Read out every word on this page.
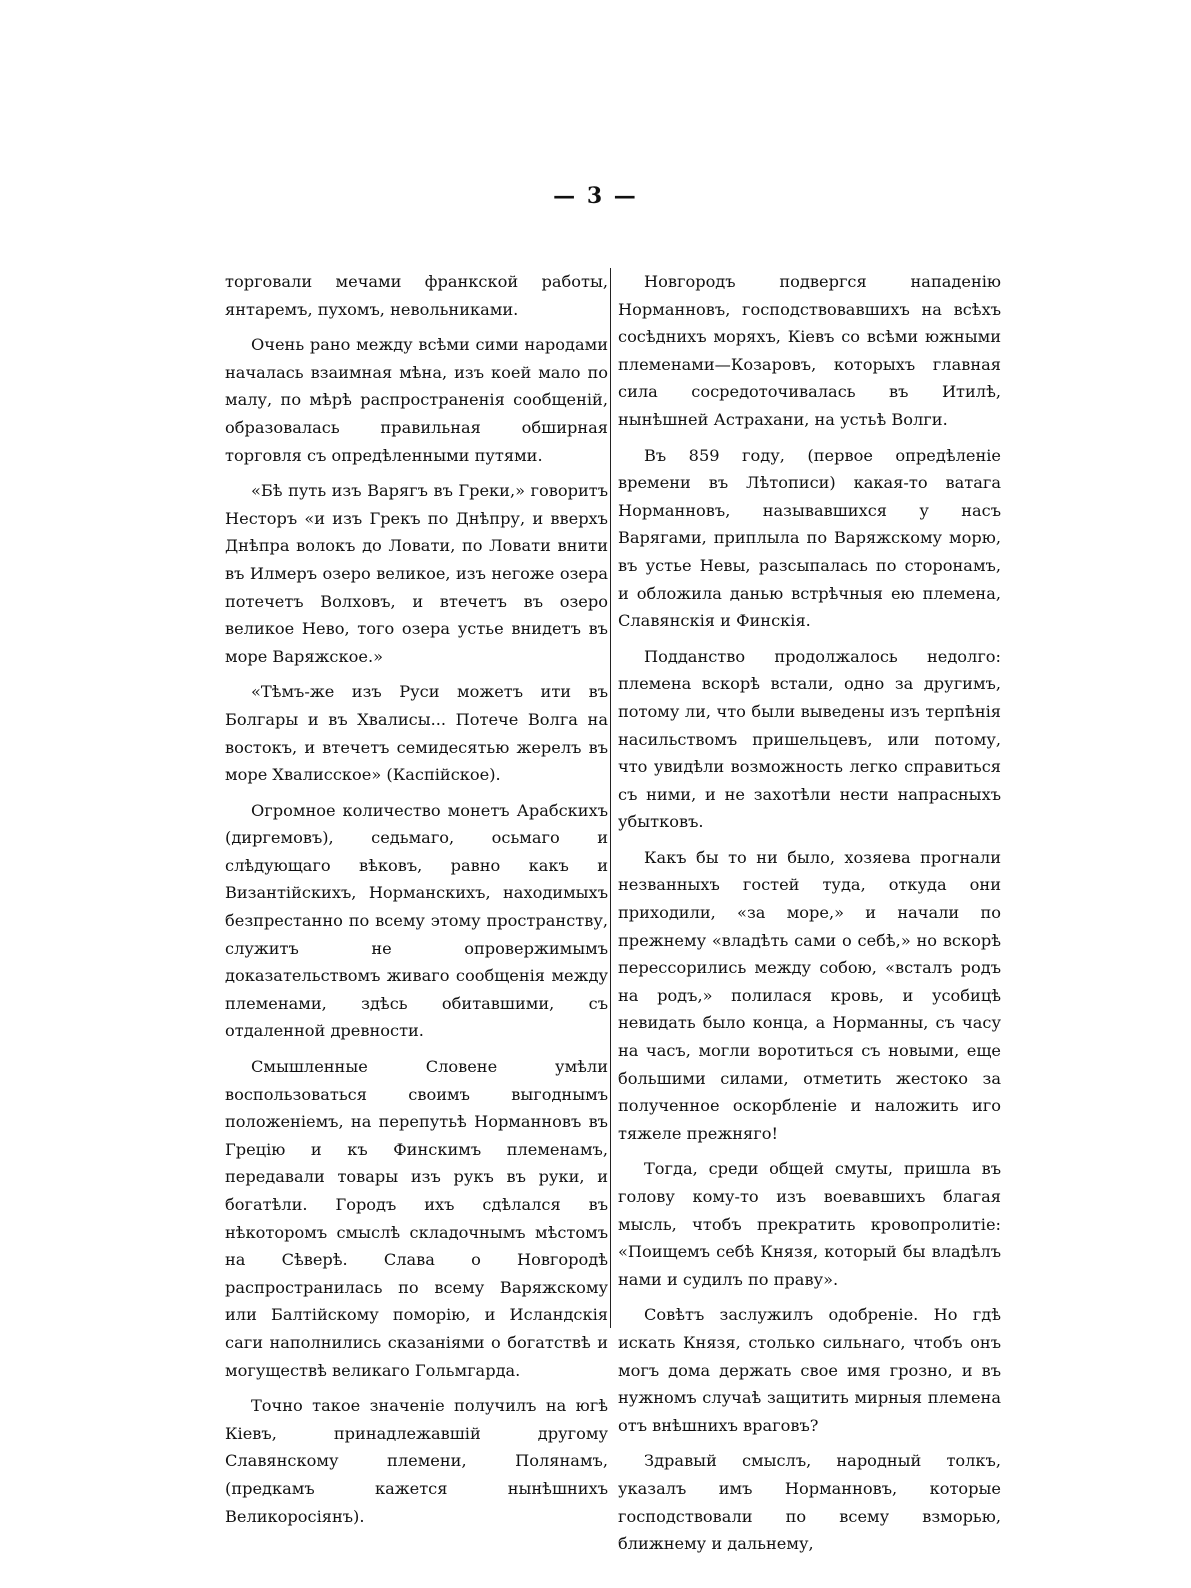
— 3 —

торговали мечами франкской работы, янтаремъ, пухомъ, невольниками.

Очень рано между всѣми сими народами началась взаимная мѣна, изъ коей мало по малу, по мѣрѣ распространенія сообщеній, образовалась правильная обширная торговля съ опредѣленными путями.

«Бѣ путь изъ Варягъ въ Греки,» говоритъ Несторъ «и изъ Грекъ по Днѣпру, и вверхъ Днѣпра волокъ до Ловати, по Ловати внити въ Илмеръ озеро великое, изъ негоже озера потечетъ Волховъ, и втечетъ въ озеро великое Нево, того озера устье внидетъ въ море Варяжское.»

«Тѣмъ-же изъ Руси можетъ ити въ Болгары и въ Хвалисы... Потече Волга на востокъ, и втечетъ семидесятью жерелъ въ море Хвалисское» (Каспійское).

Огромное количество монетъ Арабскихъ (диргемовъ), седьмаго, осьмаго и слѣдующаго вѣковъ, равно какъ и Византійскихъ, Норманскихъ, находимыхъ безпрестанно по всему этому пространству, служитъ не опровержимымъ доказательствомъ живаго сообщенія между племенами, здѣсь обитавшими, съ отдаленной древности.

Смышленные Словене умѣли воспользоваться своимъ выгоднымъ положеніемъ, на перепутьѣ Норманновъ въ Грецію и къ Финскимъ племенамъ, передавали товары изъ рукъ въ руки, и богатѣли. Городъ ихъ сдѣлался въ нѣкоторомъ смыслѣ складочнымъ мѣстомъ на Сѣверѣ. Слава о Новгородѣ распространилась по всему Варяжскому или Балтійскому поморію, и Исландскія саги наполнились сказаніями о богатствѣ и могуществѣ великаго Гольмгарда.

Точно такое значеніе получилъ на югѣ Кіевъ, принадлежавшій другому Славянскому племени, Полянамъ, (предкамъ кажется нынѣшнихъ Великоросіянъ).

Новгородъ подвергся нападенію Норманновъ, господствовавшихъ на всѣхъ сосѣднихъ моряхъ, Кіевъ со всѣми южными племенами—Козаровъ, которыхъ главная сила сосредоточивалась въ Итилѣ, нынѣшней Астрахани, на устьѣ Волги.

Въ 859 году, (первое опредѣленіе времени въ Лѣтописи) какая-то ватага Норманновъ, называвшихся у насъ Варягами, приплыла по Варяжскому морю, въ устье Невы, разсыпалась по сторонамъ, и обложила данью встрѣчныя ею племена, Славянскія и Финскія.

Подданство продолжалось недолго: племена вскорѣ встали, одно за другимъ, потому ли, что были выведены изъ терпѣнія насильствомъ пришельцевъ, или потому, что увидѣли возможность легко справиться съ ними, и не захотѣли нести напрасныхъ убытковъ.

Какъ бы то ни было, хозяева прогнали незванныхъ гостей туда, откуда они приходили, «за море,» и начали по прежнему «владѣть сами о себѣ,» но вскорѣ перессорились между собою, «всталъ родъ на родъ,» полилася кровь, и усобицѣ невидать было конца, а Норманны, съ часу на часъ, могли воротиться съ новыми, еще большими силами, отметить жестоко за полученное оскорбленіе и наложить иго тяжеле прежняго!

Тогда, среди общей смуты, пришла въ голову кому-то изъ воевавшихъ благая мысль, чтобъ прекратить кровопролитіе: «Поищемъ себѣ Князя, который бы владѣлъ нами и судилъ по праву».

Совѣтъ заслужилъ одобреніе. Но гдѣ искать Князя, столько сильнаго, чтобъ онъ могъ дома держать свое имя грозно, и въ нужномъ случаѣ защитить мирныя племена отъ внѣшнихъ враговъ?

Здравый смыслъ, народный толкъ, указалъ имъ Норманновъ, которые господствовали по всему взморью, ближнему и дальнему,
